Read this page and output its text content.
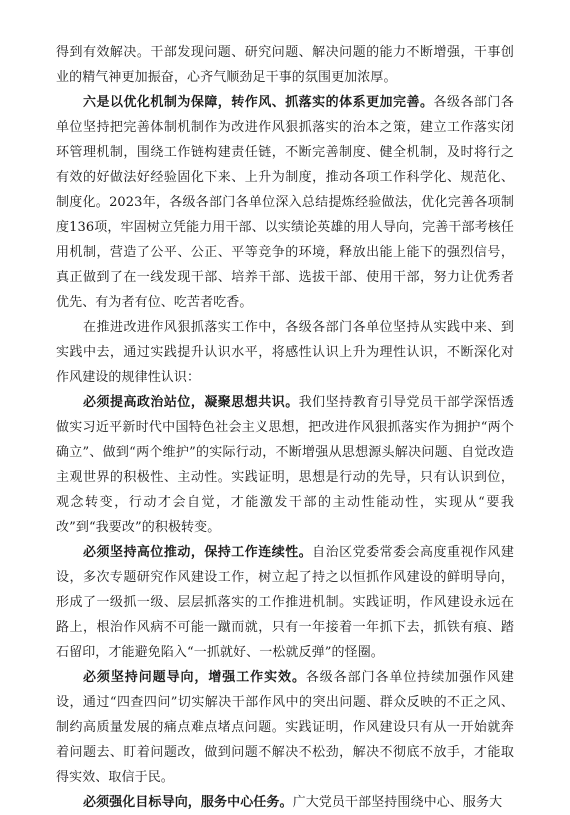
得到有效解决。干部发现问题、研究问题、解决问题的能力不断增强，干事创业的精气神更加振奋，心齐气顺劲足干事的氛围更加浓厚。

六是以优化机制为保障，转作风、抓落实的体系更加完善。各级各部门各单位坚持把完善体制机制作为改进作风狠抓落实的治本之策，建立工作落实闭环管理机制，围绕工作链构建责任链，不断完善制度、健全机制，及时将行之有效的好做法好经验固化下来、上升为制度，推动各项工作科学化、规范化、制度化。2023年，各级各部门各单位深入总结提炼经验做法，优化完善各项制度136项，牢固树立凭能力用干部、以实绩论英雄的用人导向，完善干部考核任用机制，营造了公平、公正、平等竞争的环境，释放出能上能下的强烈信号，真正做到了在一线发现干部、培养干部、选拔干部、使用干部，努力让优秀者优先、有为者有位、吃苦者吃香。

在推进改进作风狠抓落实工作中，各级各部门各单位坚持从实践中来、到实践中去，通过实践提升认识水平，将感性认识上升为理性认识，不断深化对作风建设的规律性认识：

必须提高政治站位，凝聚思想共识。我们坚持教育引导党员干部学深悟透做实习近平新时代中国特色社会主义思想，把改进作风狠抓落实作为拥护“两个确立”、做到“两个维护”的实际行动，不断增强从思想源头解决问题、自觉改造主观世界的积极性、主动性。实践证明，思想是行动的先导，只有认识到位，观念转变，行动才会自觉，才能激发干部的主动性能动性，实现从“要我改”到“我要改”的积极转变。

必须坚持高位推动，保持工作连续性。自治区党委常委会高度重视作风建设，多次专题研究作风建设工作，树立起了持之以恒抓作风建设的鲜明导向，形成了一级抓一级、层层抓落实的工作推进机制。实践证明，作风建设永远在路上，根治作风病不可能一蹴而就，只有一年接着一年抓下去，抓铁有痕、踏石留印，才能避免陷入“一抓就好、一松就反弹”的怪圈。

必须坚持问题导向，增强工作实效。各级各部门各单位持续加强作风建设，通过“四查四问”切实解决干部作风中的突出问题、群众反映的不正之风、制约高质量发展的痛点难点堵点问题。实践证明，作风建设只有从一开始就奔着问题去、盯着问题改，做到问题不解决不松劲，解决不彻底不放手，才能取得实效、取信于民。

必须强化目标导向，服务中心任务。广大党员干部坚持围绕中心、服务大
